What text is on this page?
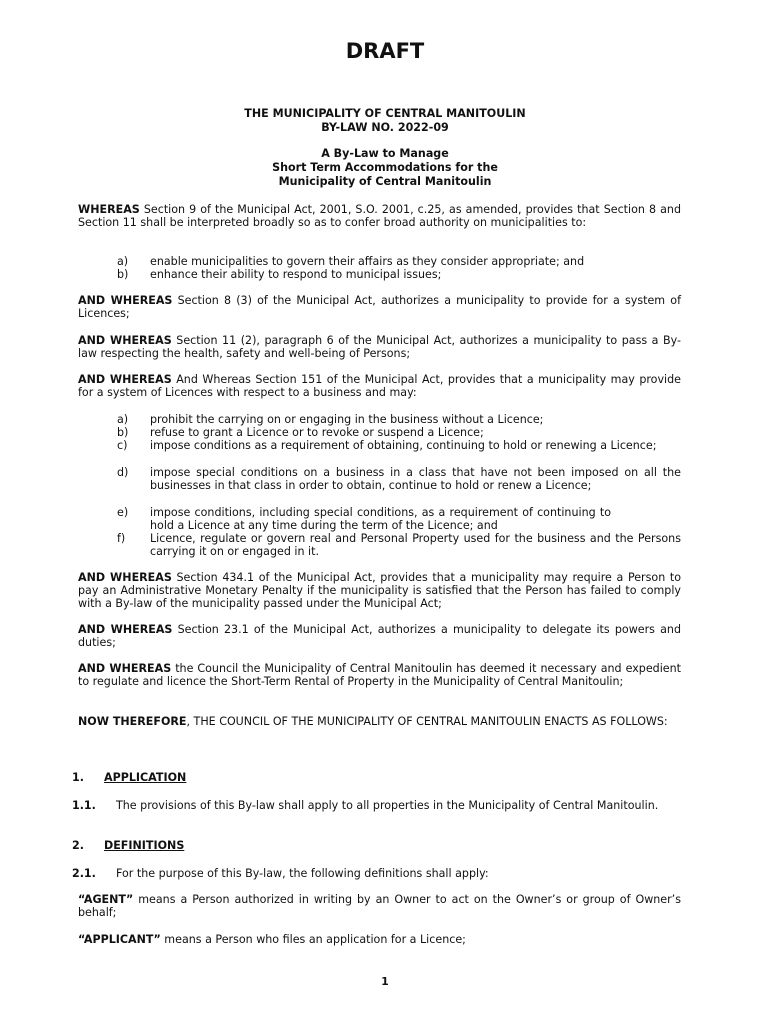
DRAFT
THE MUNICIPALITY OF CENTRAL MANITOULIN
BY-LAW NO. 2022-09
A By-Law to Manage
Short Term Accommodations for the
Municipality of Central Manitoulin
WHEREAS Section 9 of the Municipal Act, 2001, S.O. 2001, c.25, as amended, provides that Section 8 and Section 11 shall be interpreted broadly so as to confer broad authority on municipalities to:
a) enable municipalities to govern their affairs as they consider appropriate; and
b) enhance their ability to respond to municipal issues;
AND WHEREAS Section 8 (3) of the Municipal Act, authorizes a municipality to provide for a system of Licences;
AND WHEREAS Section 11 (2), paragraph 6 of the Municipal Act, authorizes a municipality to pass a By-law respecting the health, safety and well-being of Persons;
AND WHEREAS And Whereas Section 151 of the Municipal Act, provides that a municipality may provide for a system of Licences with respect to a business and may:
a) prohibit the carrying on or engaging in the business without a Licence;
b) refuse to grant a Licence or to revoke or suspend a Licence;
c) impose conditions as a requirement of obtaining, continuing to hold or renewing a Licence;
d) impose special conditions on a business in a class that have not been imposed on all the businesses in that class in order to obtain, continue to hold or renew a Licence;
e) impose conditions, including special conditions, as a requirement of continuing to hold a Licence at any time during the term of the Licence; and
f) Licence, regulate or govern real and Personal Property used for the business and the Persons carrying it on or engaged in it.
AND WHEREAS Section 434.1 of the Municipal Act, provides that a municipality may require a Person to pay an Administrative Monetary Penalty if the municipality is satisfied that the Person has failed to comply with a By-law of the municipality passed under the Municipal Act;
AND WHEREAS Section 23.1 of the Municipal Act, authorizes a municipality to delegate its powers and duties;
AND WHEREAS the Council the Municipality of Central Manitoulin has deemed it necessary and expedient to regulate and licence the Short-Term Rental of Property in the Municipality of Central Manitoulin;
NOW THEREFORE, THE COUNCIL OF THE MUNICIPALITY OF CENTRAL MANITOULIN ENACTS AS FOLLOWS:
1. APPLICATION
1.1. The provisions of this By-law shall apply to all properties in the Municipality of Central Manitoulin.
2. DEFINITIONS
2.1. For the purpose of this By-law, the following definitions shall apply:
“AGENT” means a Person authorized in writing by an Owner to act on the Owner’s or group of Owner’s behalf;
“APPLICANT” means a Person who files an application for a Licence;
1
